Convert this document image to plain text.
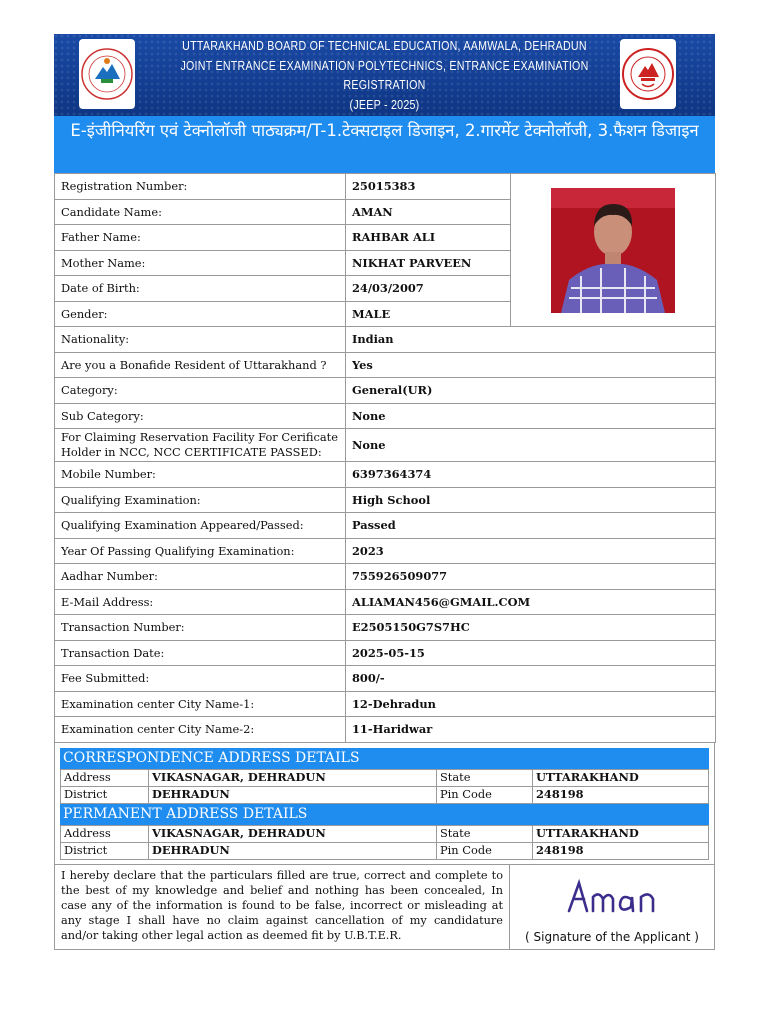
UTTARAKHAND BOARD OF TECHNICAL EDUCATION, AAMWALA, DEHRADUN
JOINT ENTRANCE EXAMINATION POLYTECHNICS, ENTRANCE EXAMINATION
REGISTRATION
(JEEP - 2025)
E-इंजीनियरिंग एवं टेक्नोलॉजी पाठ्यक्रम/T-1.टेक्सटाइल डिजाइन, 2.गारमेंट टेक्नोलॉजी, 3.फैशन डिजाइन
Registration Number:	25015383	
Candidate Name:	AMAN	
Father Name:	RAHBAR ALI	
Mother Name:	NIKHAT PARVEEN	
Date of Birth:	24/03/2007	
Gender:	MALE	
Nationality:	Indian	
Are you a Bonafide Resident of Uttarakhand ?	Yes	
Category:	General(UR)	
Sub Category:	None	
For Claiming Reservation Facility For Cerificate Holder in NCC, NCC CERTIFICATE PASSED:	None	
Mobile Number:	6397364374	
Qualifying Examination:	High School	
Qualifying Examination Appeared/Passed:	Passed	
Year Of Passing Qualifying Examination:	2023	
Aadhar Number:	755926509077	
E-Mail Address:	ALIAMAN456@GMAIL.COM	
Transaction Number:	E2505150G7S7HC	
Transaction Date:	2025-05-15	
Fee Submitted:	800/-	
Examination center City Name-1:	12-Dehradun	
Examination center City Name-2:	11-Haridwar	
CORRESPONDENCE ADDRESS DETAILS
Address	VIKASNAGAR, DEHRADUN	State	UTTARAKHAND
District	DEHRADUN	Pin Code	248198
PERMANENT ADDRESS DETAILS
Address	VIKASNAGAR, DEHRADUN	State	UTTARAKHAND
District	DEHRADUN	Pin Code	248198
I hereby declare that the particulars filled are true, correct and complete to the best of my knowledge and belief and nothing has been concealed, In case any of the information is found to be false, incorrect or misleading at any stage I shall have no claim against cancellation of my candidature and/or taking other legal action as deemed fit by U.B.T.E.R.	( Signature of the Applicant )
